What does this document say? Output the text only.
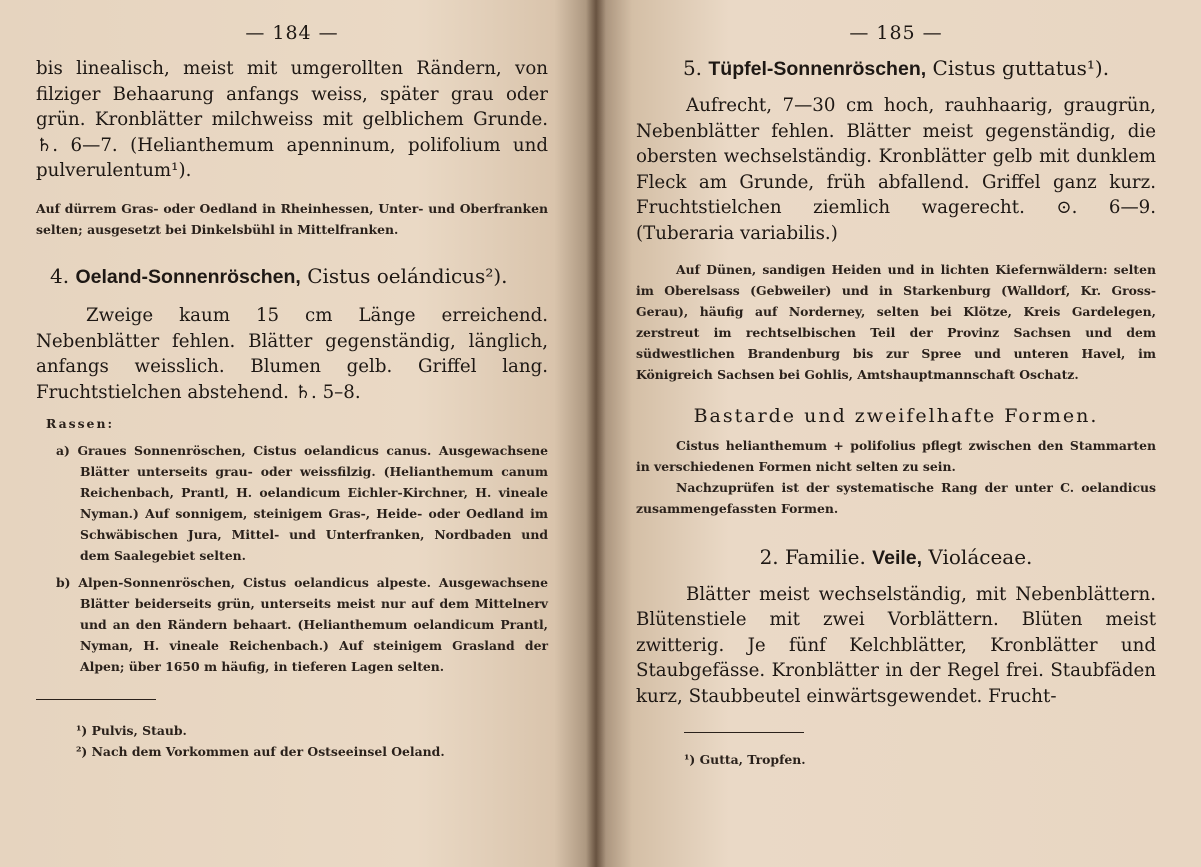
— 184 —

bis linealisch, meist mit umgerollten Rändern, von filziger Behaarung anfangs weiss, später grau oder grün. Kronblätter milchweiss mit gelblichem Grunde. ♄. 6—7. (Helianthemum apenninum, polifolium und pulverulentum¹).

Auf dürrem Gras- oder Oedland in Rheinhessen, Unter- und Oberfranken selten; ausgesetzt bei Dinkelsbühl in Mittelfranken.

4. Oeland-Sonnenröschen, Cistus oelándicus²).

Zweige kaum 15 cm Länge erreichend. Nebenblätter fehlen. Blätter gegenständig, länglich, anfangs weisslich. Blumen gelb. Griffel lang. Fruchtstielchen abstehend. ♄. 5–8.

Rassen:

a) Graues Sonnenröschen, Cistus oelandicus canus. Ausgewachsene Blätter unterseits grau- oder weissfilzig. (Helianthemum canum Reichenbach, Prantl, H. oelandicum Eichler-Kirchner, H. vineale Nyman.) Auf sonnigem, steinigem Gras-, Heide- oder Oedland im Schwäbischen Jura, Mittel- und Unterfranken, Nordbaden und dem Saalegebiet selten.

b) Alpen-Sonnenröschen, Cistus oelandicus alpeste. Ausgewachsene Blätter beiderseits grün, unterseits meist nur auf dem Mittelnerv und an den Rändern behaart. (Helianthemum oelandicum Prantl, Nyman, H. vineale Reichenbach.) Auf steinigem Grasland der Alpen; über 1650 m häufig, in tieferen Lagen selten.

¹) Pulvis, Staub.

²) Nach dem Vorkommen auf der Ostseeinsel Oeland.

— 185 —

5. Tüpfel-Sonnenröschen, Cistus guttatus¹).

Aufrecht, 7—30 cm hoch, rauhhaarig, graugrün, Nebenblätter fehlen. Blätter meist gegenständig, die obersten wechselständig. Kronblätter gelb mit dunklem Fleck am Grunde, früh abfallend. Griffel ganz kurz. Fruchtstielchen ziemlich wagerecht. ⊙. 6—9. (Tuberaria variabilis.)

Auf Dünen, sandigen Heiden und in lichten Kiefernwäldern: selten im Oberelsass (Gebweiler) und in Starkenburg (Walldorf, Kr. Gross-Gerau), häufig auf Norderney, selten bei Klötze, Kreis Gardelegen, zerstreut im rechtselbischen Teil der Provinz Sachsen und dem südwestlichen Brandenburg bis zur Spree und unteren Havel, im Königreich Sachsen bei Gohlis, Amtshauptmannschaft Oschatz.

Bastarde und zweifelhafte Formen.

Cistus helianthemum + polifolius pflegt zwischen den Stammarten in verschiedenen Formen nicht selten zu sein.

Nachzuprüfen ist der systematische Rang der unter C. oelandicus zusammengefassten Formen.

2. Familie. Veile, Violáceae.

Blätter meist wechselständig, mit Nebenblättern. Blütenstiele mit zwei Vorblättern. Blüten meist zwitterig. Je fünf Kelchblätter, Kronblätter und Staubgefässe. Kronblätter in der Regel frei. Staubfäden kurz, Staubbeutel einwärtsgewendet. Frucht-

¹) Gutta, Tropfen.
